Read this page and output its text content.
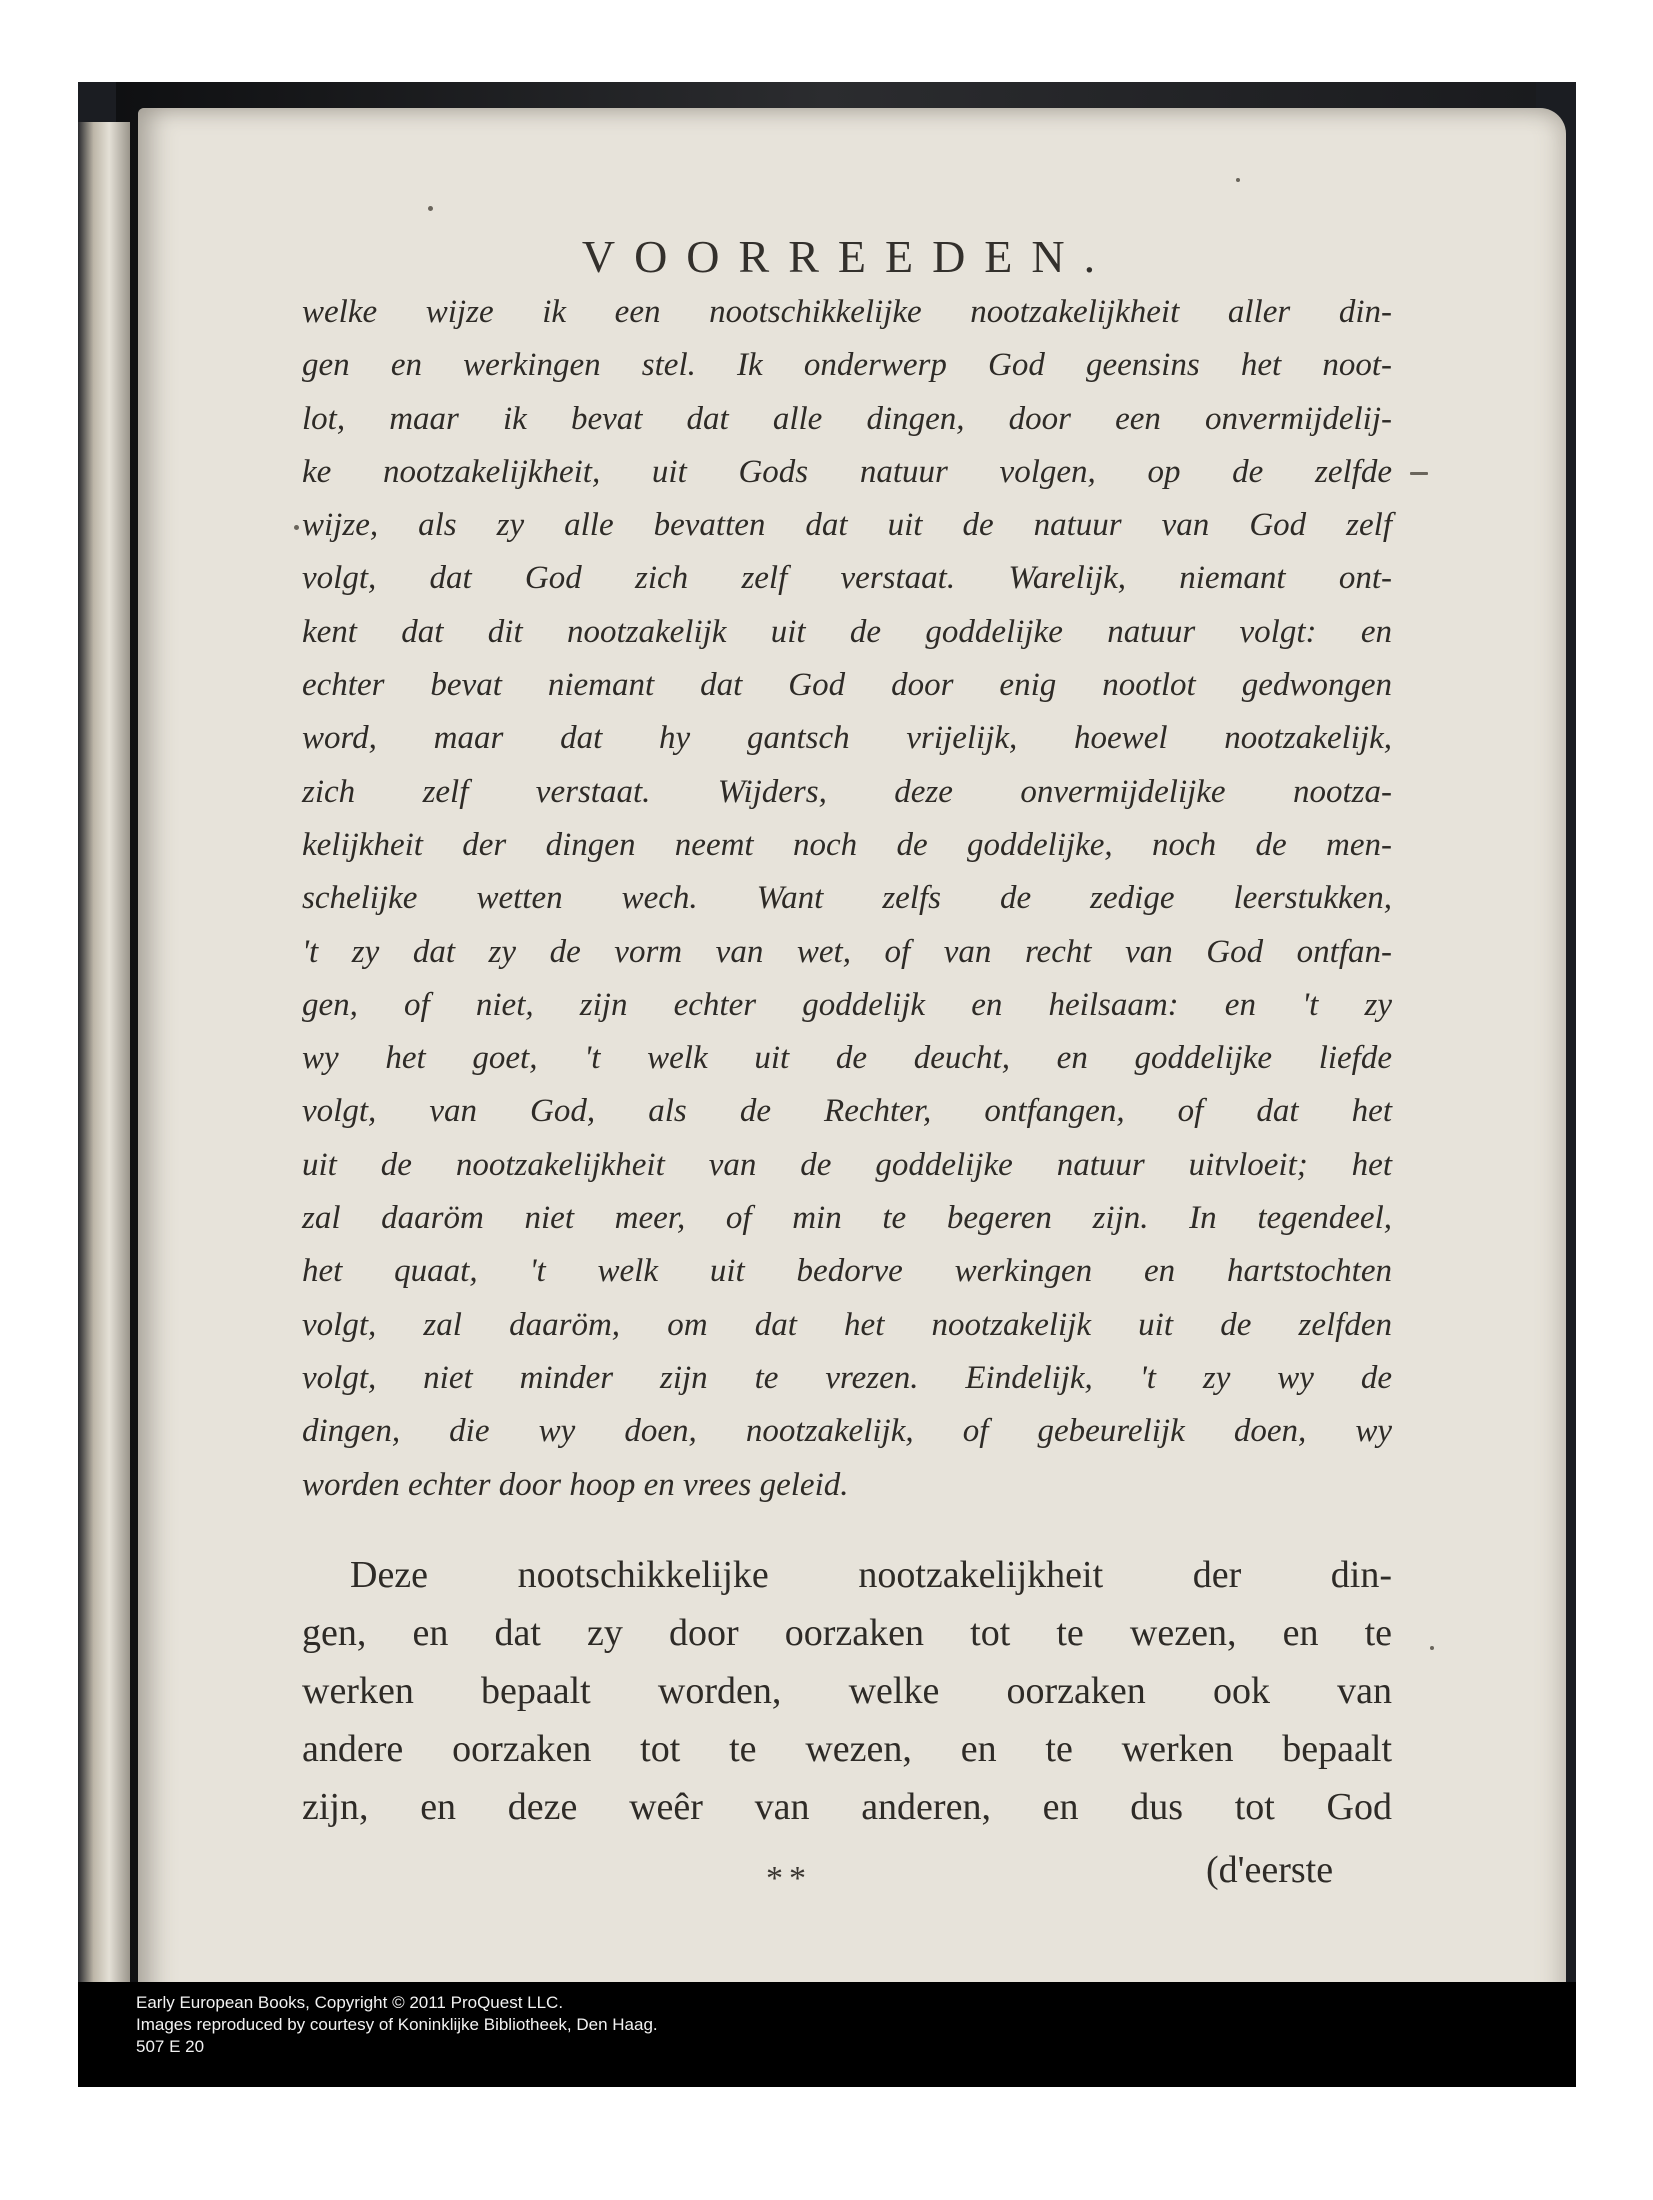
VOORREEDEN.
welke wijze ik een nootschikkelijke nootzakelijkheit aller din-
gen en werkingen stel. Ik onderwerp God geensins het noot-
lot, maar ik bevat dat alle dingen, door een onvermijdelij-
ke nootzakelijkheit, uit Gods natuur volgen, op de zelfde
wijze, als zy alle bevatten dat uit de natuur van God zelf
volgt, dat God zich zelf verstaat. Warelijk, niemant ont-
kent dat dit nootzakelijk uit de goddelijke natuur volgt: en
echter bevat niemant dat God door enig nootlot gedwongen
word, maar dat hy gantsch vrijelijk, hoewel nootzakelijk,
zich zelf verstaat. Wijders, deze onvermijdelijke nootza-
kelijkheit der dingen neemt noch de goddelijke, noch de men-
schelijke wetten wech. Want zelfs de zedige leerstukken,
't zy dat zy de vorm van wet, of van recht van God ontfan-
gen, of niet, zijn echter goddelijk en heilsaam: en 't zy
wy het goet, 't welk uit de deucht, en goddelijke liefde
volgt, van God, als de Rechter, ontfangen, of dat het
uit de nootzakelijkheit van de goddelijke natuur uitvloeit; het
zal daaröm niet meer, of min te begeren zijn. In tegendeel,
het quaat, 't welk uit bedorve werkingen en hartstochten
volgt, zal daaröm, om dat het nootzakelijk uit de zelfden
volgt, niet minder zijn te vrezen. Eindelijk, 't zy wy de
dingen, die wy doen, nootzakelijk, of gebeurelijk doen, wy
worden echter door hoop en vrees geleid.
Deze nootschikkelijke nootzakelijkheit der din-
gen, en dat zy door oorzaken tot te wezen, en te
werken bepaalt worden, welke oorzaken ook van
andere oorzaken tot te wezen, en te werken bepaalt
zijn, en deze weêr van anderen, en dus tot God
**	(d'eerste
Early European Books, Copyright © 2011 ProQuest LLC.
Images reproduced by courtesy of Koninklijke Bibliotheek, Den Haag.
507 E 20
